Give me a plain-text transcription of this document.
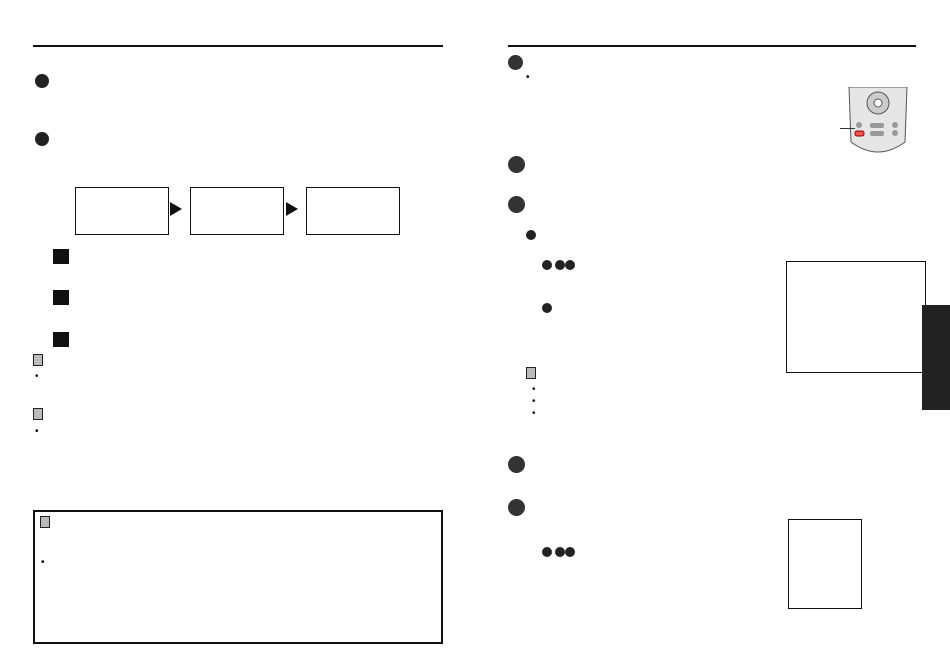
•
•

•
•
